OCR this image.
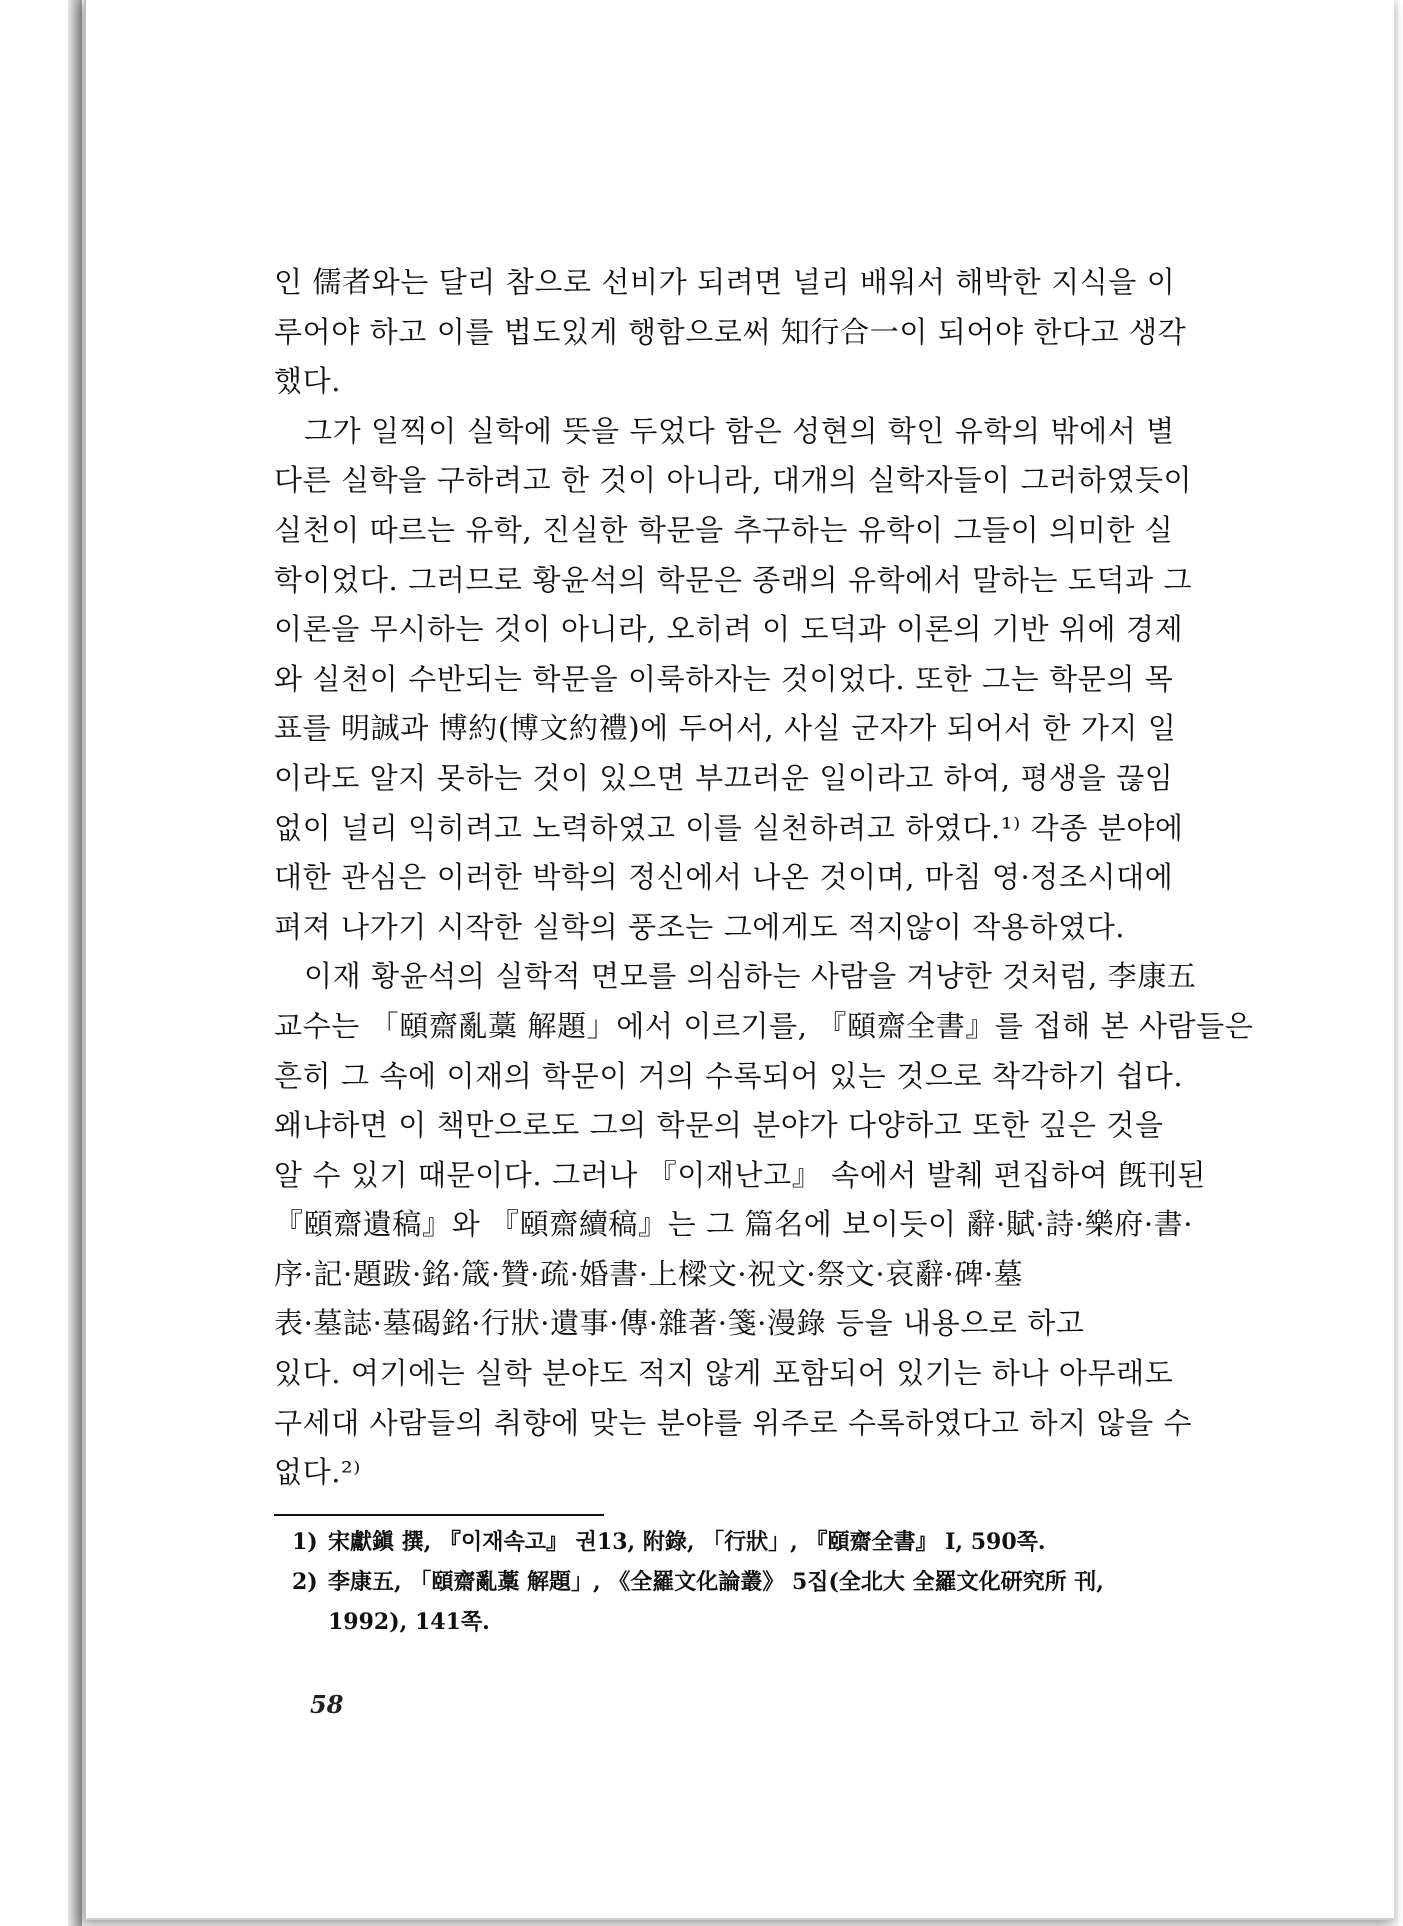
인 儒者와는 달리 참으로 선비가 되려면 널리 배워서 해박한 지식을 이
루어야 하고 이를 법도있게 행함으로써 知行合一이 되어야 한다고 생각
했다.

그가 일찍이 실학에 뜻을 두었다 함은 성현의 학인 유학의 밖에서 별
다른 실학을 구하려고 한 것이 아니라, 대개의 실학자들이 그러하였듯이
실천이 따르는 유학, 진실한 학문을 추구하는 유학이 그들이 의미한 실
학이었다. 그러므로 황윤석의 학문은 종래의 유학에서 말하는 도덕과 그
이론을 무시하는 것이 아니라, 오히려 이 도덕과 이론의 기반 위에 경제
와 실천이 수반되는 학문을 이룩하자는 것이었다. 또한 그는 학문의 목
표를 明誠과 博約(博文約禮)에 두어서, 사실 군자가 되어서 한 가지 일
이라도 알지 못하는 것이 있으면 부끄러운 일이라고 하여, 평생을 끊임
없이 널리 익히려고 노력하였고 이를 실천하려고 하였다.¹⁾ 각종 분야에
대한 관심은 이러한 박학의 정신에서 나온 것이며, 마침 영·정조시대에
펴져 나가기 시작한 실학의 풍조는 그에게도 적지않이 작용하였다.

이재 황윤석의 실학적 면모를 의심하는 사람을 겨냥한 것처럼, 李康五
교수는 「頤齋亂藁 解題」에서 이르기를, 『頤齋全書』를 접해 본 사람들은
흔히 그 속에 이재의 학문이 거의 수록되어 있는 것으로 착각하기 쉽다.
왜냐하면 이 책만으로도 그의 학문의 분야가 다양하고 또한 깊은 것을
알 수 있기 때문이다. 그러나 『이재난고』 속에서 발췌 편집하여 旣刊된
『頤齋遺稿』와 『頤齋續稿』는 그 篇名에 보이듯이 辭·賦·詩·樂府·書·
序·記·題跋·銘·箴·贊·疏·婚書·上樑文·祝文·祭文·哀辭·碑·墓
表·墓誌·墓碣銘·行狀·遺事·傳·雜著·箋·漫錄 등을 내용으로 하고
있다. 여기에는 실학 분야도 적지 않게 포함되어 있기는 하나 아무래도
구세대 사람들의 취향에 맞는 분야를 위주로 수록하였다고 하지 않을 수
없다.²⁾

1) 宋獻鎭 撰, 『이재속고』 권13, 附錄, 「行狀」, 『頤齋全書』 I, 590쪽.
2) 李康五, 「頤齋亂藁 解題」, 《全羅文化論叢》 5집(全北大 全羅文化研究所 刊,
1992), 141쪽.
58
